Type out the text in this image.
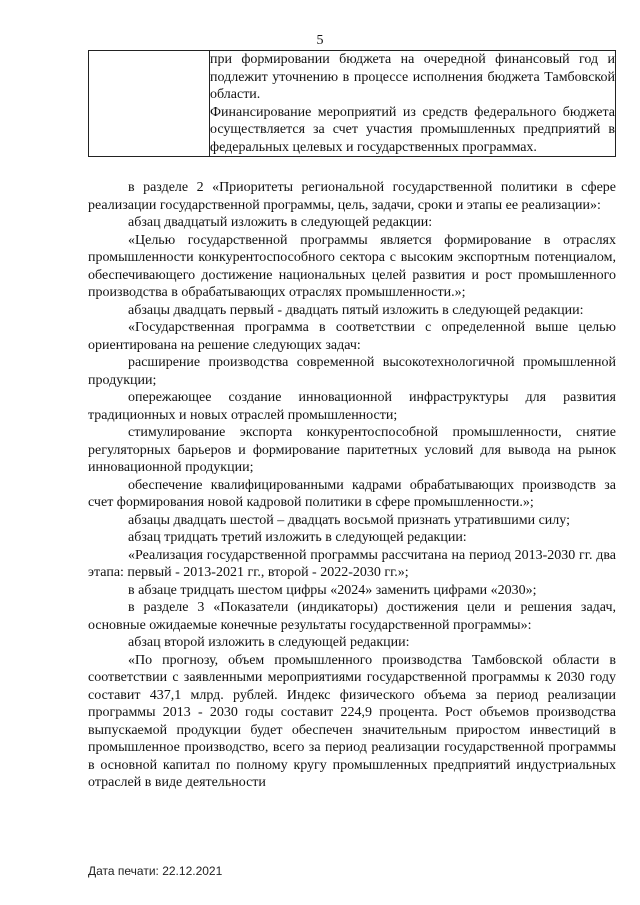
5

при формировании бюджета на очередной финансовый год и подлежит уточнению в процессе исполнения бюджета Тамбовской области.

Финансирование мероприятий из средств федерального бюджета осуществляется за счет участия промышленных предприятий в федеральных целевых и государственных программах.

в разделе 2 «Приоритеты региональной государственной политики в сфере реализации государственной программы, цель, задачи, сроки и этапы ее реализации»:

абзац двадцатый изложить в следующей редакции:

«Целью государственной программы является формирование в отраслях промышленности конкурентоспособного сектора с высоким экспортным потенциалом, обеспечивающего достижение национальных целей развития и рост промышленного производства в обрабатывающих отраслях промышленности.»;

абзацы двадцать первый - двадцать пятый изложить в следующей редакции:

«Государственная программа в соответствии с определенной выше целью ориентирована на решение следующих задач:

расширение производства современной высокотехнологичной промышленной продукции;

опережающее создание инновационной инфраструктуры для развития традиционных и новых отраслей промышленности;

стимулирование экспорта конкурентоспособной промышленности, снятие регуляторных барьеров и формирование паритетных условий для вывода на рынок инновационной продукции;

обеспечение квалифицированными кадрами обрабатывающих производств за счет формирования новой кадровой политики в сфере промышленности.»;

абзацы двадцать шестой – двадцать восьмой признать утратившими силу;

абзац тридцать третий изложить в следующей редакции:

«Реализация государственной программы рассчитана на период 2013-2030 гг. два этапа: первый - 2013-2021 гг., второй - 2022-2030 гг.»;

в абзаце тридцать шестом цифры «2024» заменить цифрами «2030»;

в разделе 3 «Показатели (индикаторы) достижения цели и решения задач, основные ожидаемые конечные результаты государственной программы»:

абзац второй изложить в следующей редакции:

«По прогнозу, объем промышленного производства Тамбовской области в соответствии с заявленными мероприятиями государственной программы к 2030 году составит 437,1 млрд. рублей. Индекс физического объема за период реализации программы 2013 - 2030 годы составит 224,9 процента. Рост объемов производства выпускаемой продукции будет обеспечен значительным приростом инвестиций в промышленное производство, всего за период реализации государственной программы в основной капитал по полному кругу промышленных предприятий индустриальных отраслей в виде деятельности

Дата печати: 22.12.2021
